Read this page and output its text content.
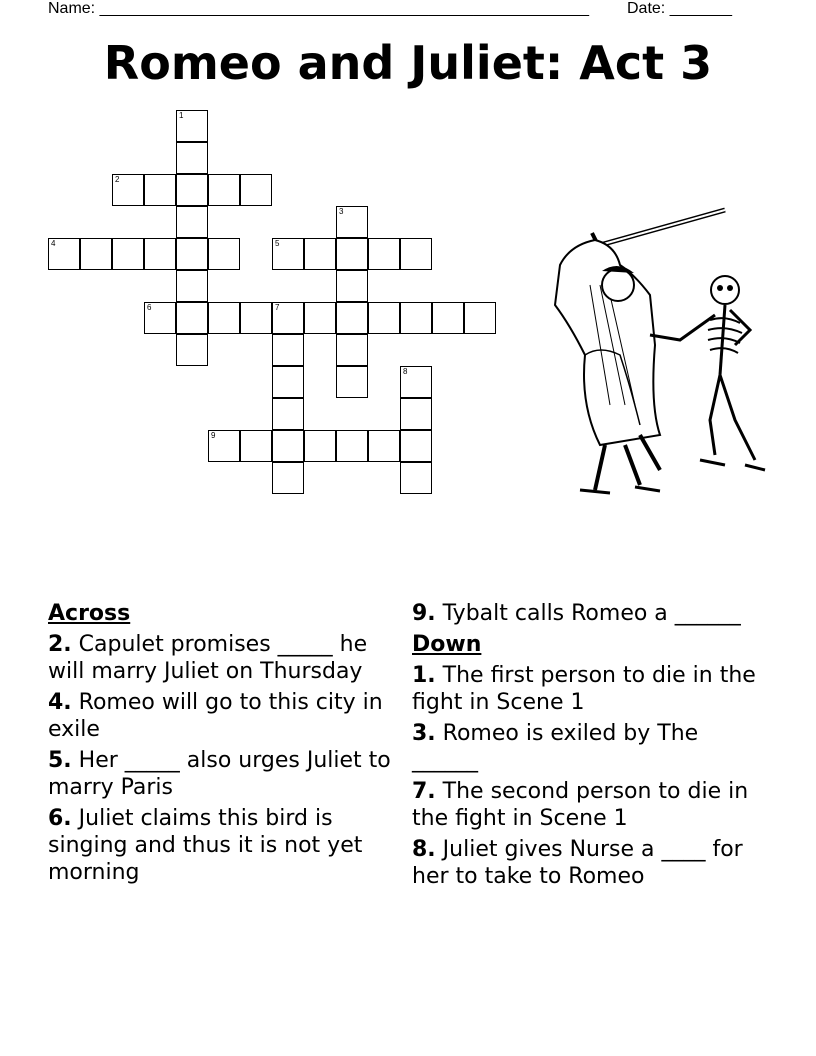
Name: _______________________________________________________ Date: _______
Romeo and Juliet: Act 3
1
2
3
4	5
6	7
8
9
Across
2. Capulet promises _____ he will marry Juliet on Thursday
4. Romeo will go to this city in exile
5. Her _____ also urges Juliet to marry Paris
6. Juliet claims this bird is singing and thus it is not yet morning
9. Tybalt calls Romeo a ______
Down
1. The first person to die in the fight in Scene 1
3. Romeo is exiled by The ______
7. The second person to die in the fight in Scene 1
8. Juliet gives Nurse a ____ for her to take to Romeo
